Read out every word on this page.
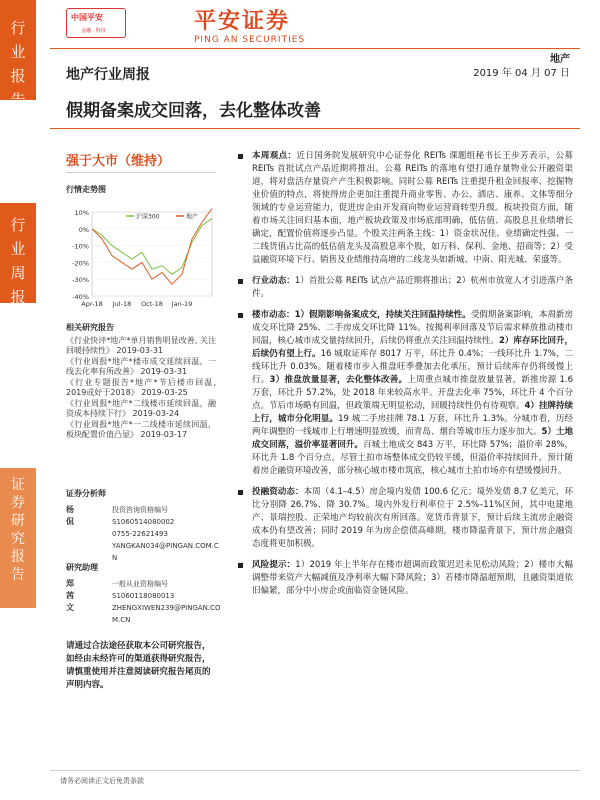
行
业
报
告
行
业
周
报
证
券
研
究
报
告
中国平安
金融 · 科技	平安证券
PING AN SECURITIES
地产
地产行业周报	2019 年 04 月 07 日
假期备案成交回落，去化整体改善
强于大市（维持）
行情走势图
10%
0%
-10%
-20%
-30%
-40%
Apr-18 Jul-18 Oct-18 Jan-19
沪深300	地产
相关研究报告
《行业快评*地产*单月销售明显改善, 关注回暖持续性》 2019-03-31
《行业周报*地产*楼市成交延续回温，一线去化率有所改善》 2019-03-31
《行业专题报告*地产*节后楼市回温, 2019或好于2018》 2019-03-25
《行业周报*地产*二线楼市延续回温，融资成本持续下行》 2019-03-24
《行业周报*地产*一二线楼市延续回温，板块配置价值凸显》 2019-03-17
证券分析师
杨侃
投资咨询资格编号
S1060514080002
0755-22621493
YANGKAN034@PINGAN.COM.CN
研究助理
郑茜文
一般从业资格编号
S1060118080013
ZHENGXIWEN239@PINGAN.COM.CN
请通过合法途径获取本公司研究报告，如经由未经许可的渠道获得研究报告，请慎重使用并注意阅读研究报告尾页的声明内容。
本周观点：近日国务院发展研究中心证券化 REITs 课题组秘书长王步芳表示，公募 REITs 首批试点产品近期将推出。公募 REITs 的落地有望打通存量物业公开融资渠道，将对盘活存量资产产生积极影响。同时公募 REITs 注重提升租金回报率、挖掘物业价值的特点，将使得房企更加注重提升商业零售、办公、酒店、康养、文体等细分领域的专业运营能力，促进房企由开发商向物业运营商转型升级。板块投资方面，随着市场关注回归基本面，地产板块政策及市场底部明确，低估值、高股息且业绩增长确定，配置价值将逐步凸显。个股关注两条主线：1）资金状况佳、业绩确定性强、一二线货值占比高的低估值龙头及高股息率个股，如万科、保利、金地、招商等；2）受益融资环境下行、销售及业绩维持高增的二线龙头如新城、中南、阳光城、荣盛等。
行业动态：1）首批公募 REITs 试点产品近期将推出；2）杭州市放宽人才引进落户条件。
楼市动态：1）假期影响备案成交，持续关注回温持续性。受假期备案影响，本周新房成交环比降 25%、二手房成交环比降 11%。按揭利率回落及节后需求释放推动楼市回温，核心城市成交量持续回升，后续仍将重点关注回温持续性。2）库存环比回升，后续仍有望上行。16 城取证库存 8017 万平，环比升 0.4%；一线环比升 1.7%，二线环比升 0.03%。随着楼市步入推盘旺季叠加去化承压，预计后续库存仍将缓慢上行。3）推盘放量显著，去化整体改善。上周重点城市推盘放量显著，新推房源 1.6 万套，环比升 57.2%，处 2018 年来较高水平。开盘去化率 75%，环比升 4 个百分点。节后市场略有回温，但政策端无明显松动，回暖持续性仍有待观察。4）挂牌持续上行，城市分化明显。19 城二手房挂牌 78.1 万套，环比升 1.3%。分城市看，历经两年调整的一线城市上行增速明显放缓，而青岛、烟台等城市压力逐步加大。5）土地成交回落，溢价率显著回升。百城土地成交 843 万平，环比降 57%；溢价率 28%，环比升 1.8 个百分点。尽管土拍市场整体成交仍较平缓，但溢价率持续回升，预计随着房企融资环境改善，部分核心城市楼市筑底，核心城市土拍市场亦有望缓慢回升。
投融资动态：本周（4.1–4.5）房企境内发债 100.6 亿元；境外发债 8.7 亿美元，环比分别降 26.7%、降 30.7%。境内外发行利率位于 2.5%–11%区间，其中电建地产、景瑞控股、正荣地产均较前次有所回落。宽货币背景下，预计后续主流房企融资成本仍有望改善；同时 2019 年为房企偿债高峰期，楼市降温背景下，预计房企融资态度将更加积极。
风险提示：1）2019 年上半年存在楼市超调而政策迟迟未见松动风险；2）楼市大幅调整带来资产大幅减值及净利率大幅下降风险；3）若楼市降温超预期，且融资渠道依旧偏紧，部分中小房企或面临资金链风险。
请务必阅读正文后免责条款
